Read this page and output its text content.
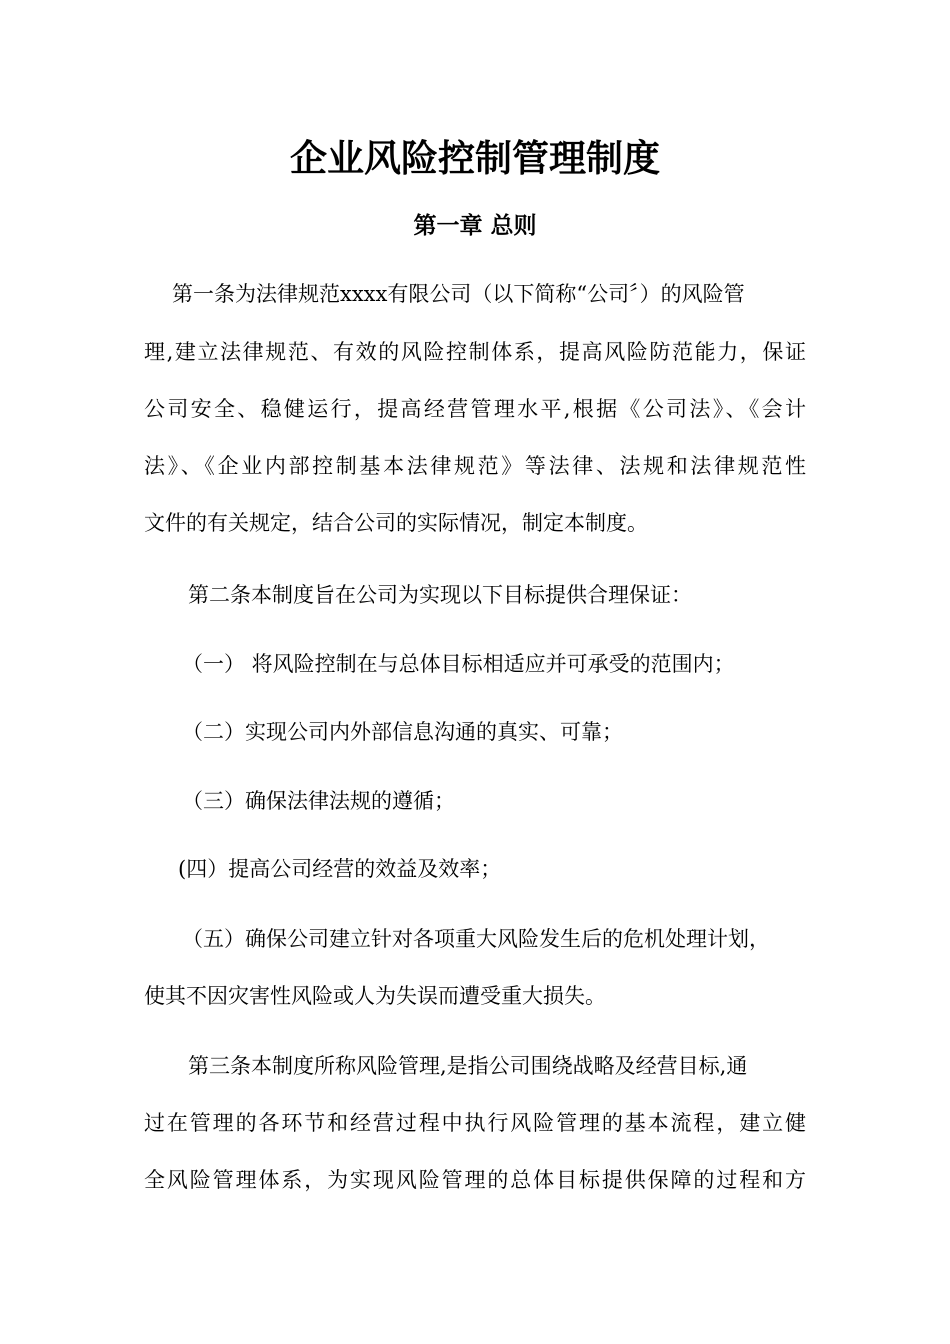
企业风险控制管理制度
第一章 总则
第一条为法律规范xxxx有限公司（以下简称“公司〞）的风险管
理,建立法律规范、有效的风险控制体系，提高风险防范能力，保证
公司安全、稳健运行，提高经营管理水平,根据《公司法》、《会计
法》、《企业内部控制基本法律规范》等法律、法规和法律规范性
文件的有关规定，结合公司的实际情况，制定本制度。
第二条本制度旨在公司为实现以下目标提供合理保证：
（一） 将风险控制在与总体目标相适应并可承受的范围内；
（二）实现公司内外部信息沟通的真实、可靠；
（三）确保法律法规的遵循；
(四）提高公司经营的效益及效率；
（五）确保公司建立针对各项重大风险发生后的危机处理计划，
使其不因灾害性风险或人为失误而遭受重大损失。
第三条本制度所称风险管理,是指公司围绕战略及经营目标,通
过在管理的各环节和经营过程中执行风险管理的基本流程，建立健
全风险管理体系，为实现风险管理的总体目标提供保障的过程和方
